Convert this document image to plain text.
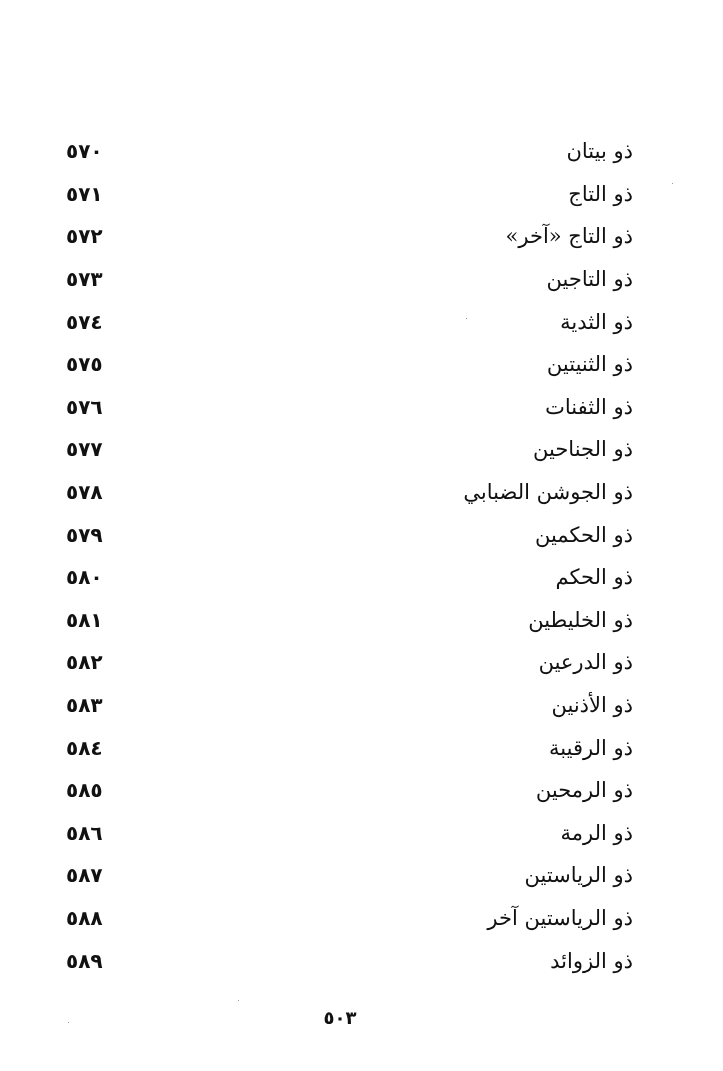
٥٧٠	ذو بيتان
٥٧١	ذو التاج
٥٧٢	ذو التاج «آخر»
٥٧٣	ذو التاجين
٥٧٤	ذو الثدية
٥٧٥	ذو الثنيتين
٥٧٦	ذو الثفنات
٥٧٧	ذو الجناحين
٥٧٨	ذو الجوشن الضبابي
٥٧٩	ذو الحكمين
٥٨٠	ذو الحكم
٥٨١	ذو الخليطين
٥٨٢	ذو الدرعين
٥٨٣	ذو الأذنين
٥٨٤	ذو الرقيبة
٥٨٥	ذو الرمحين
٥٨٦	ذو الرمة
٥٨٧	ذو الرياستين
٥٨٨	ذو الرياستين آخر
٥٨٩	ذو الزوائد
٥٠٣
